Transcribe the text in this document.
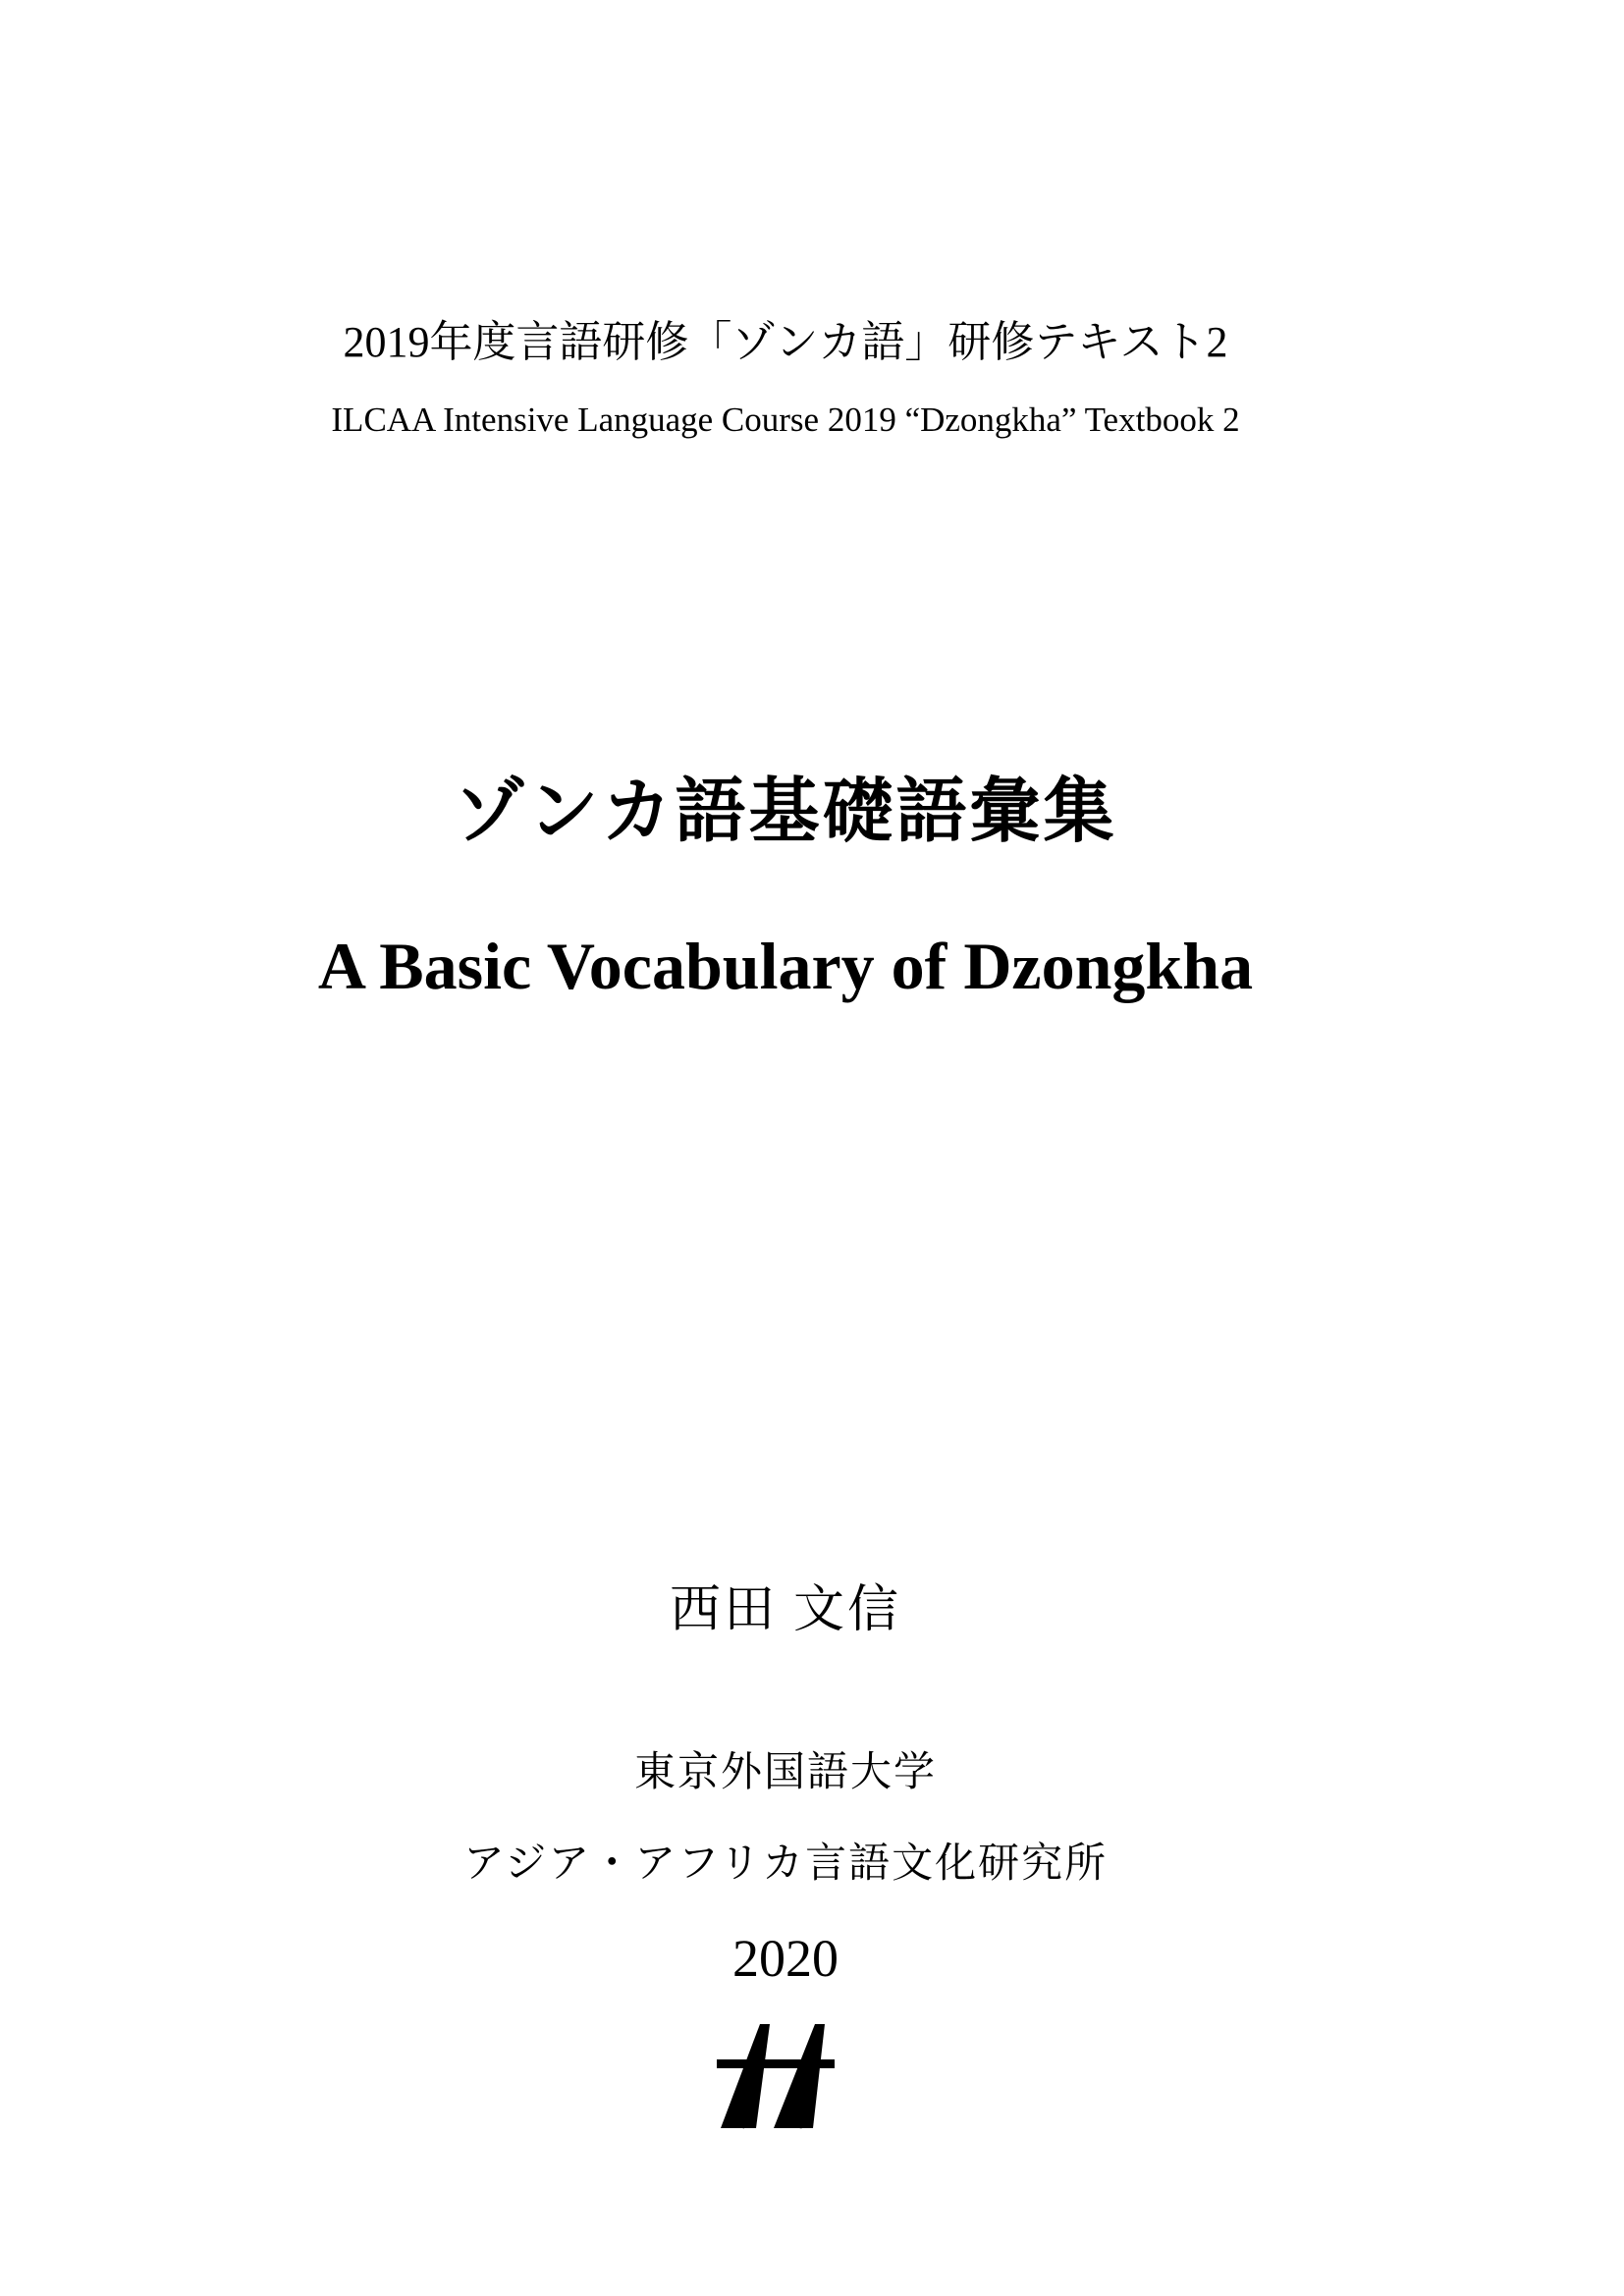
2019年度言語研修「ゾンカ語」研修テキスト2
ILCAA Intensive Language Course 2019 “Dzongkha” Textbook 2
ゾンカ語基礎語彙集
A Basic Vocabulary of Dzongkha
西田 文信
東京外国語大学
アジア・アフリカ言語文化研究所
2020
